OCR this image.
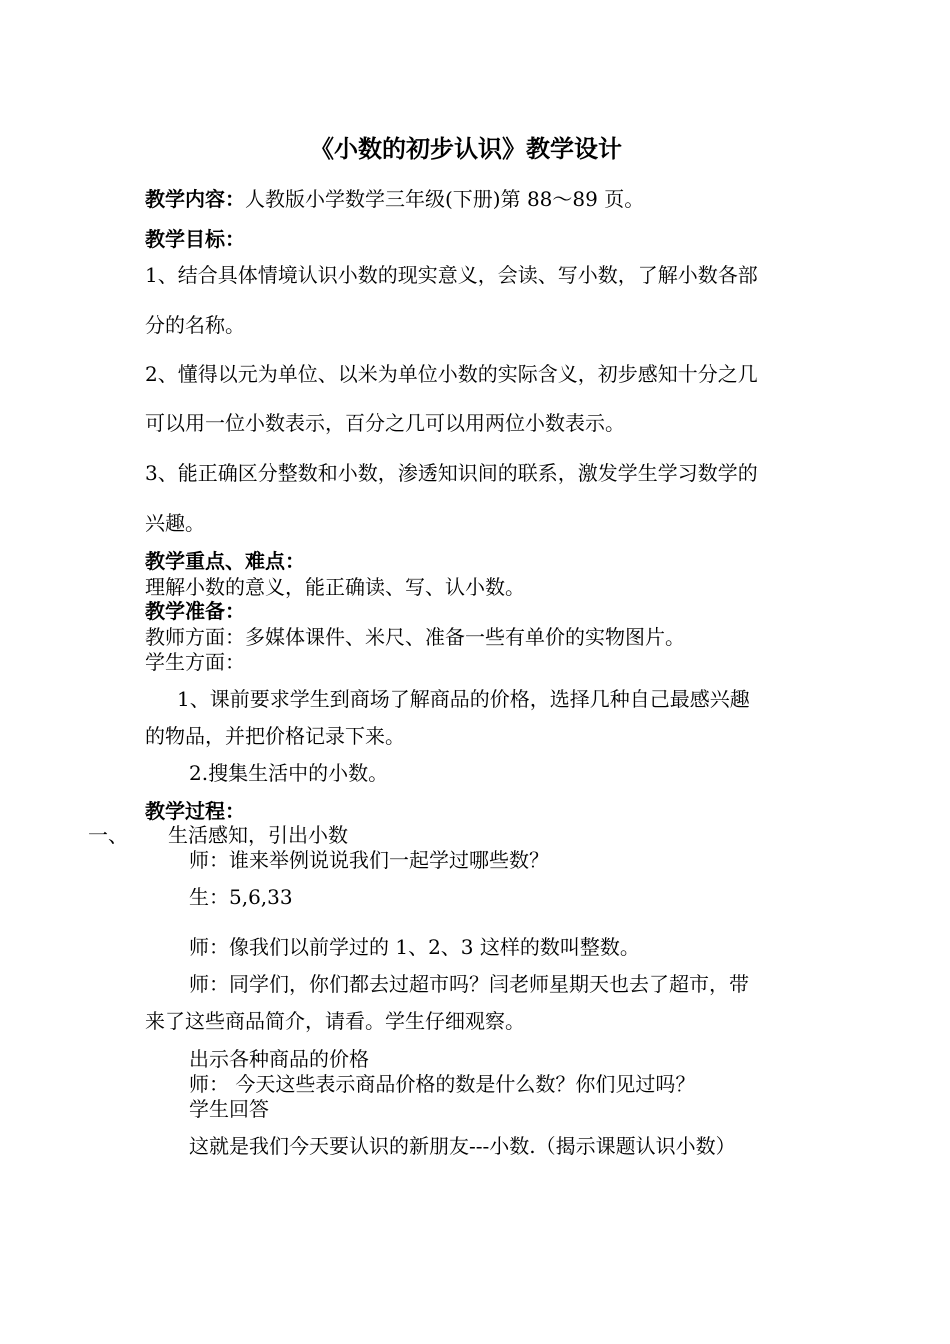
《小数的初步认识》教学设计
教学内容：人教版小学数学三年级(下册)第 88～89 页。
教学目标：
1、结合具体情境认识小数的现实意义，会读、写小数，了解小数各部
分的名称。
2、懂得以元为单位、以米为单位小数的实际含义，初步感知十分之几
可以用一位小数表示，百分之几可以用两位小数表示。
3、能正确区分整数和小数，渗透知识间的联系，激发学生学习数学的
兴趣。
教学重点、难点：
理解小数的意义，能正确读、写、认小数。
教学准备：
教师方面：多媒体课件、米尺、准备一些有单价的实物图片。
学生方面：
1、课前要求学生到商场了解商品的价格，选择几种自己最感兴趣
的物品，并把价格记录下来。
2.搜集生活中的小数。
教学过程：
一、 生活感知，引出小数
师：谁来举例说说我们一起学过哪些数？
生：5,6,33
师：像我们以前学过的 1、2、3 这样的数叫整数。
师：同学们，你们都去过超市吗？闫老师星期天也去了超市，带
来了这些商品简介，请看。学生仔细观察。
出示各种商品的价格
师： 今天这些表示商品价格的数是什么数？你们见过吗？
学生回答
这就是我们今天要认识的新朋友---小数.（揭示课题认识小数）
